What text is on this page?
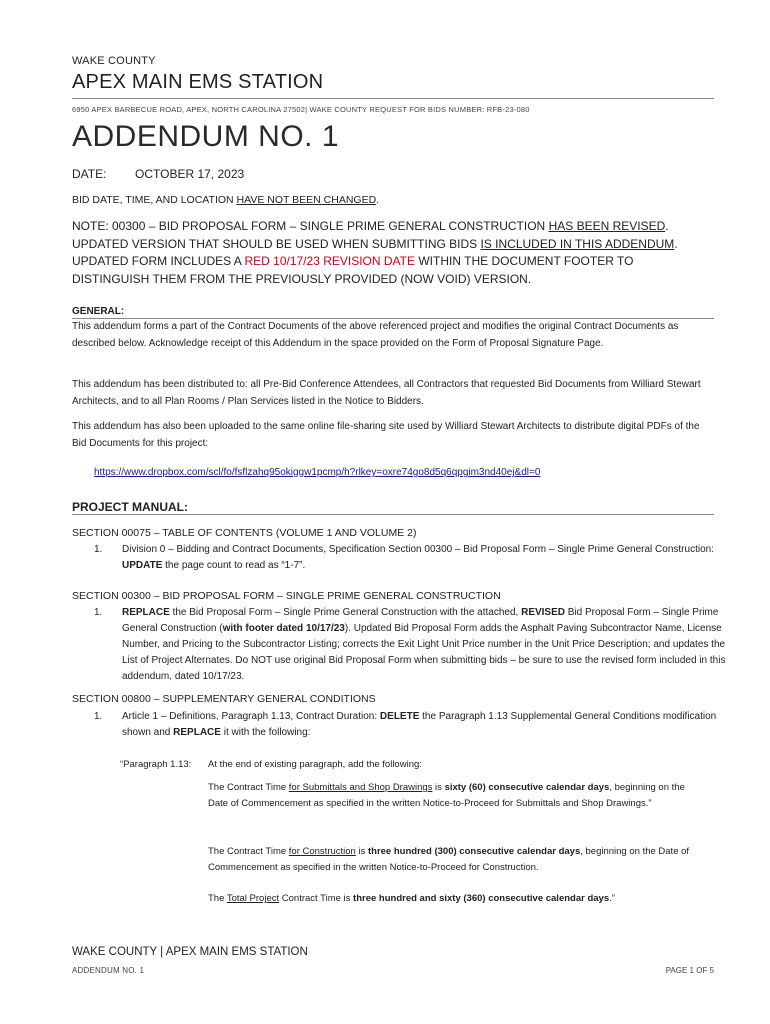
WAKE COUNTY
APEX MAIN EMS STATION
6950 APEX BARBECUE ROAD, APEX, NORTH CAROLINA 27502| WAKE COUNTY REQUEST FOR BIDS NUMBER: RFB-23-080
ADDENDUM NO. 1
DATE: OCTOBER 17, 2023
BID DATE, TIME, AND LOCATION HAVE NOT BEEN CHANGED.
NOTE: 00300 – BID PROPOSAL FORM – SINGLE PRIME GENERAL CONSTRUCTION HAS BEEN REVISED.
UPDATED VERSION THAT SHOULD BE USED WHEN SUBMITTING BIDS IS INCLUDED IN THIS ADDENDUM.
UPDATED FORM INCLUDES A RED 10/17/23 REVISION DATE WITHIN THE DOCUMENT FOOTER TO
DISTINGUISH THEM FROM THE PREVIOUSLY PROVIDED (NOW VOID) VERSION.
GENERAL:
This addendum forms a part of the Contract Documents of the above referenced project and modifies the original Contract Documents as described below. Acknowledge receipt of this Addendum in the space provided on the Form of Proposal Signature Page.
This addendum has been distributed to: all Pre-Bid Conference Attendees, all Contractors that requested Bid Documents from Williard Stewart Architects, and to all Plan Rooms / Plan Services listed in the Notice to Bidders.
This addendum has also been uploaded to the same online file-sharing site used by Williard Stewart Architects to distribute digital PDFs of the Bid Documents for this project:
https://www.dropbox.com/scl/fo/fsflzahq95okiggw1pcmp/h?rlkey=oxre74go8d5q6qpgim3nd40ej&dl=0
PROJECT MANUAL:
SECTION 00075 – TABLE OF CONTENTS (VOLUME 1 AND VOLUME 2)
1. Division 0 – Bidding and Contract Documents, Specification Section 00300 – Bid Proposal Form – Single Prime General Construction: UPDATE the page count to read as “1-7”.
SECTION 00300 – BID PROPOSAL FORM – SINGLE PRIME GENERAL CONSTRUCTION
1. REPLACE the Bid Proposal Form – Single Prime General Construction with the attached, REVISED Bid Proposal Form – Single Prime General Construction (with footer dated 10/17/23). Updated Bid Proposal Form adds the Asphalt Paving Subcontractor Name, License Number, and Pricing to the Subcontractor Listing; corrects the Exit Light Unit Price number in the Unit Price Description; and updates the List of Project Alternates. Do NOT use original Bid Proposal Form when submitting bids – be sure to use the revised form included in this addendum, dated 10/17/23.
SECTION 00800 – SUPPLEMENTARY GENERAL CONDITIONS
1. Article 1 – Definitions, Paragraph 1.13, Contract Duration: DELETE the Paragraph 1.13 Supplemental General Conditions modification shown and REPLACE it with the following:
“Paragraph 1.13: At the end of existing paragraph, add the following:
The Contract Time for Submittals and Shop Drawings is sixty (60) consecutive calendar days, beginning on the Date of Commencement as specified in the written Notice-to-Proceed for Submittals and Shop Drawings.”
The Contract Time for Construction is three hundred (300) consecutive calendar days, beginning on the Date of Commencement as specified in the written Notice-to-Proceed for Construction.
The Total Project Contract Time is three hundred and sixty (360) consecutive calendar days.”
WAKE COUNTY | APEX MAIN EMS STATION
ADDENDUM NO. 1	PAGE 1 OF 5
